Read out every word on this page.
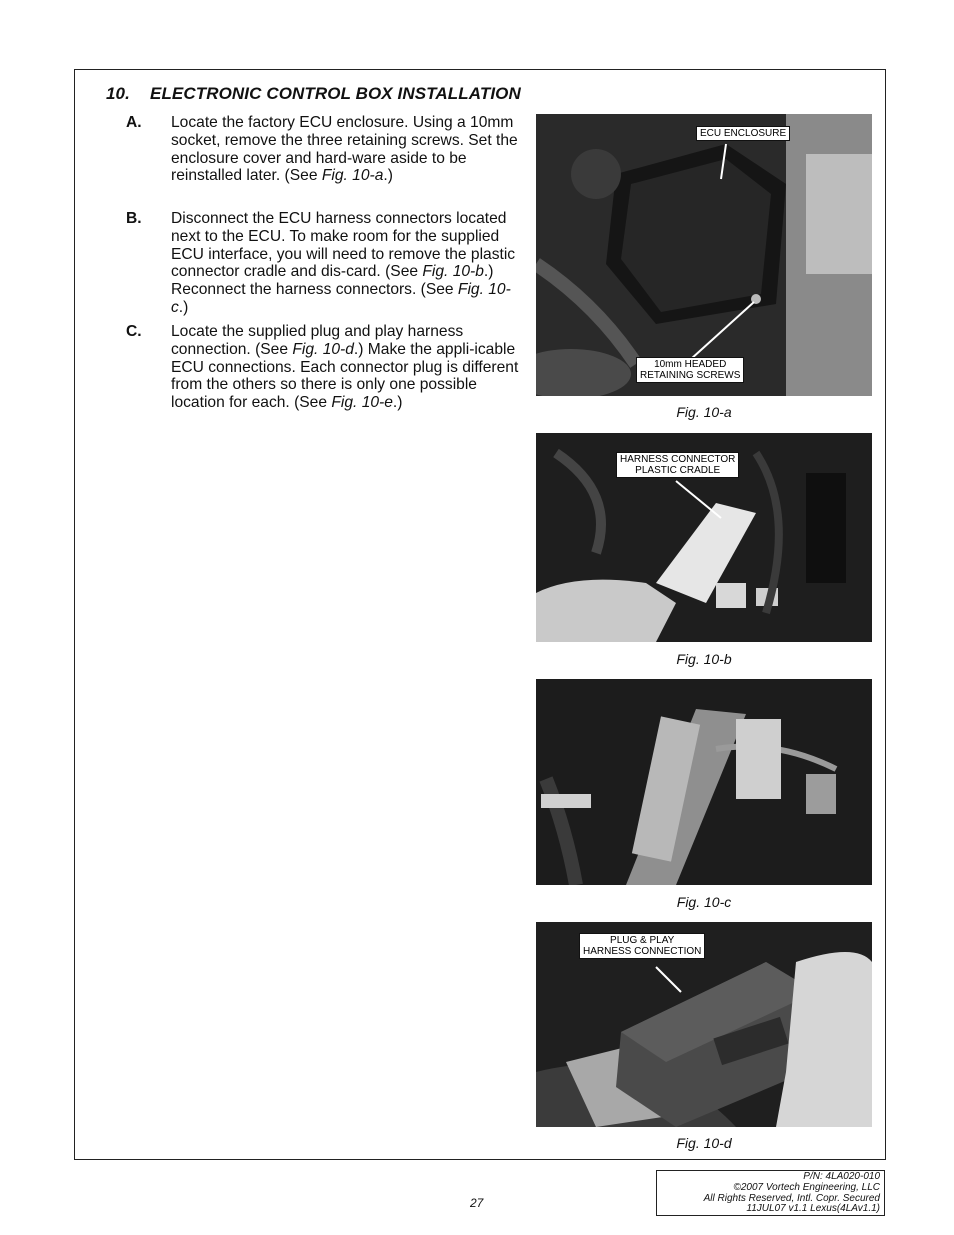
10. ELECTRONIC CONTROL BOX INSTALLATION
A. Locate the factory ECU enclosure. Using a 10mm socket, remove the three retaining screws. Set the enclosure cover and hard-ware aside to be reinstalled later. (See Fig. 10-a.)
B. Disconnect the ECU harness connectors located next to the ECU. To make room for the supplied ECU interface, you will need to remove the plastic connector cradle and dis-card. (See Fig. 10-b.) Reconnect the harness connectors. (See Fig. 10-c.)
C. Locate the supplied plug and play harness connection. (See Fig. 10-d.) Make the appli-icable ECU connections. Each connector plug is different from the others so there is only one possible location for each. (See Fig. 10-e.)
ECU ENCLOSURE
10mm HEADED
RETAINING SCREWS
Fig. 10-a
HARNESS CONNECTOR
PLASTIC CRADLE
Fig. 10-b
Fig. 10-c
PLUG & PLAY
HARNESS CONNECTION
Fig. 10-d
27
P/N: 4LA020-010
©2007 Vortech Engineering, LLC
All Rights Reserved, Intl. Copr. Secured
11JUL07 v1.1 Lexus(4LAv1.1)
